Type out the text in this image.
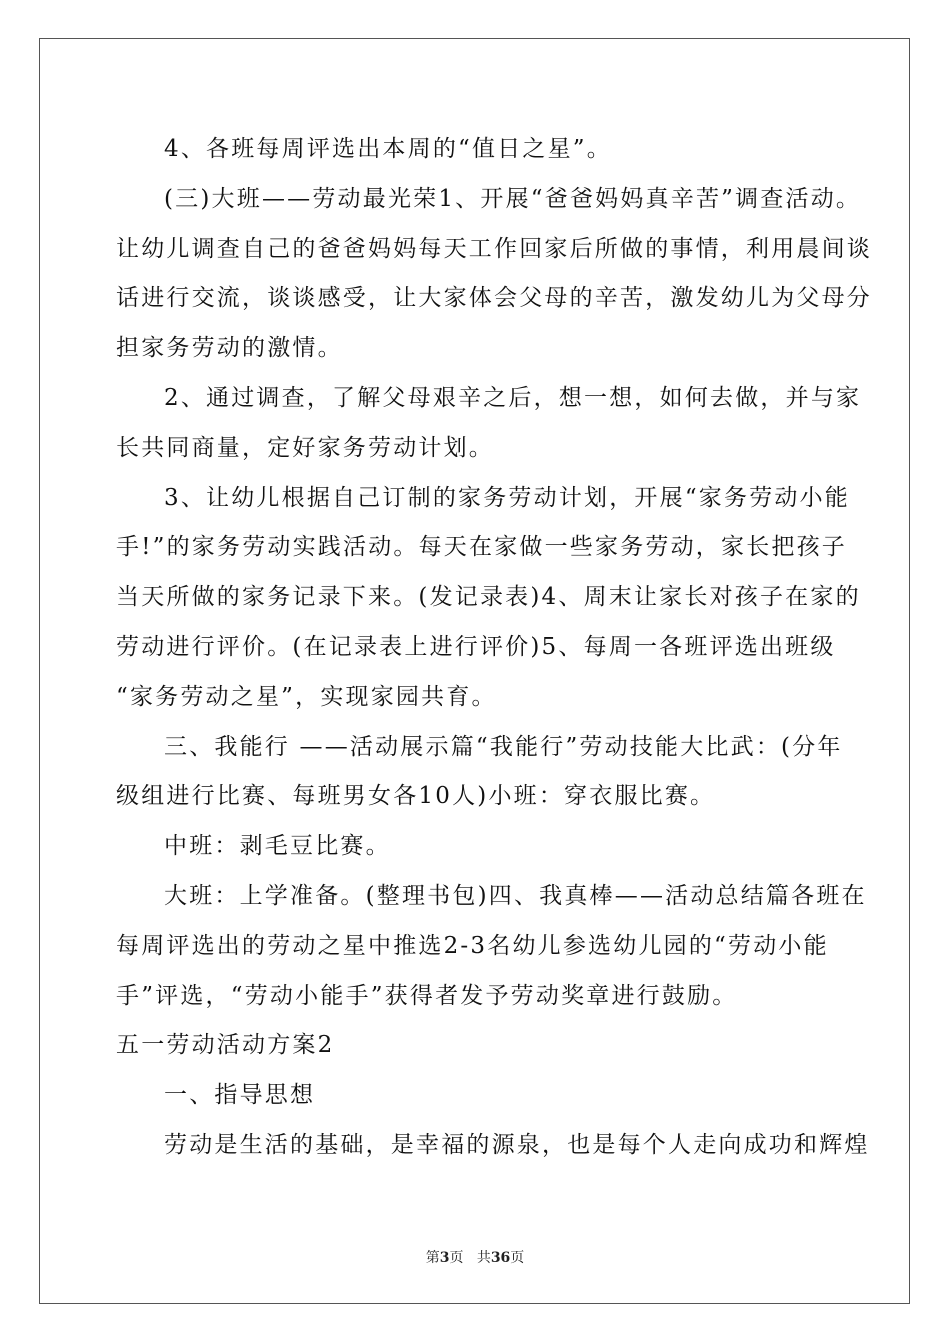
4、各班每周评选出本周的“值日之星”。
(三)大班——劳动最光荣1、开展“爸爸妈妈真辛苦”调查活动。
让幼儿调查自己的爸爸妈妈每天工作回家后所做的事情，利用晨间谈
话进行交流，谈谈感受，让大家体会父母的辛苦，激发幼儿为父母分
担家务劳动的激情。
2、通过调查，了解父母艰辛之后，想一想，如何去做，并与家
长共同商量，定好家务劳动计划。
3、让幼儿根据自己订制的家务劳动计划，开展“家务劳动小能
手!”的家务劳动实践活动。每天在家做一些家务劳动，家长把孩子
当天所做的家务记录下来。(发记录表)4、周末让家长对孩子在家的
劳动进行评价。(在记录表上进行评价)5、每周一各班评选出班级
“家务劳动之星”，实现家园共育。
三、我能行 ——活动展示篇“我能行”劳动技能大比武：(分年
级组进行比赛、每班男女各10人)小班：穿衣服比赛。
中班：剥毛豆比赛。
大班：上学准备。(整理书包)四、我真棒——活动总结篇各班在
每周评选出的劳动之星中推选2-3名幼儿参选幼儿园的“劳动小能
手”评选，“劳动小能手”获得者发予劳动奖章进行鼓励。
五一劳动活动方案2
一、指导思想
劳动是生活的基础，是幸福的源泉，也是每个人走向成功和辉煌
第3页 共36页
